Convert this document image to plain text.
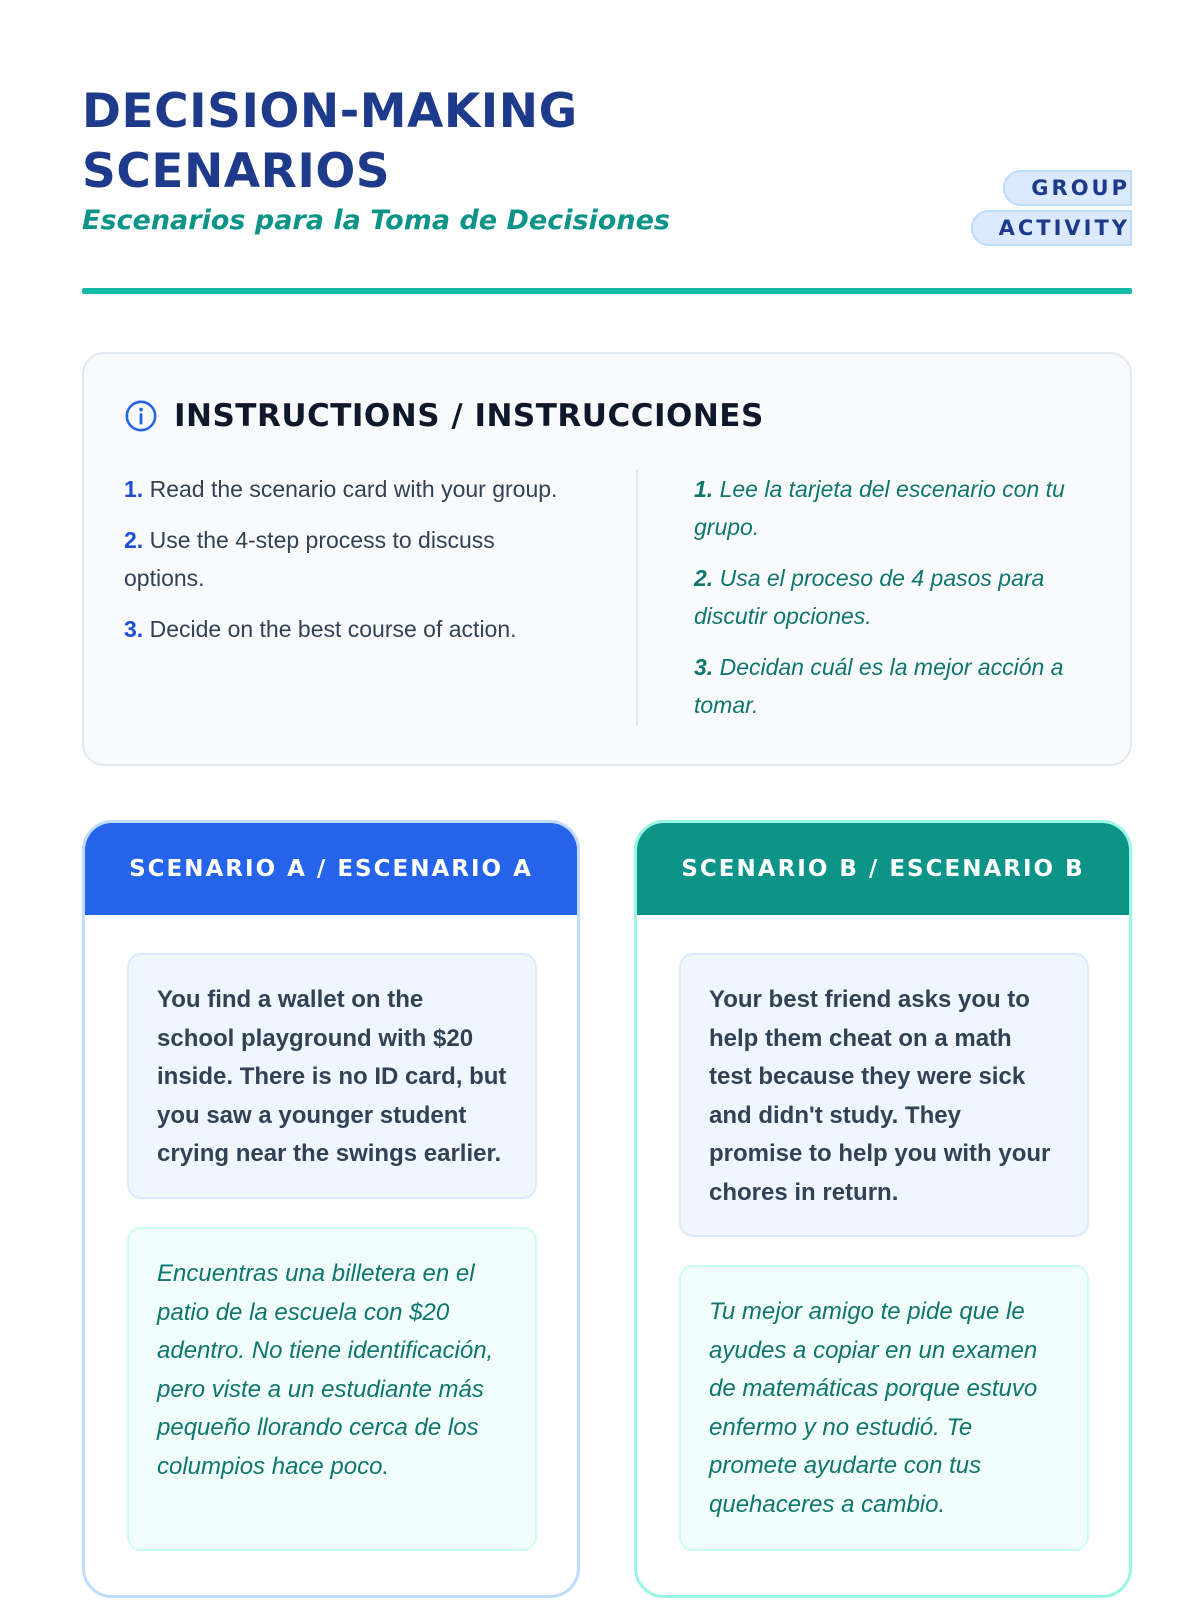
DECISION-MAKING SCENARIOS
Escenarios para la Toma de Decisiones
GROUP ACTIVITY
INSTRUCTIONS / INSTRUCCIONES

1. Read the scenario card with your group.

2. Use the 4-step process to discuss options.

3. Decide on the best course of action.

1. Lee la tarjeta del escenario con tu grupo.

2. Usa el proceso de 4 pasos para discutir opciones.

3. Decidan cuál es la mejor acción a tomar.

SCENARIO A / ESCENARIO A
You find a wallet on the school playground with $20 inside. There is no ID card, but you saw a younger student crying near the swings earlier.
Encuentras una billetera en el patio de la escuela con $20 adentro. No tiene identificación, pero viste a un estudiante más pequeño llorando cerca de los columpios hace poco.
SCENARIO B / ESCENARIO B
Your best friend asks you to help them cheat on a math test because they were sick and didn't study. They promise to help you with your chores in return.
Tu mejor amigo te pide que le ayudes a copiar en un examen de matemáticas porque estuvo enfermo y no estudió. Te promete ayudarte con tus quehaceres a cambio.
